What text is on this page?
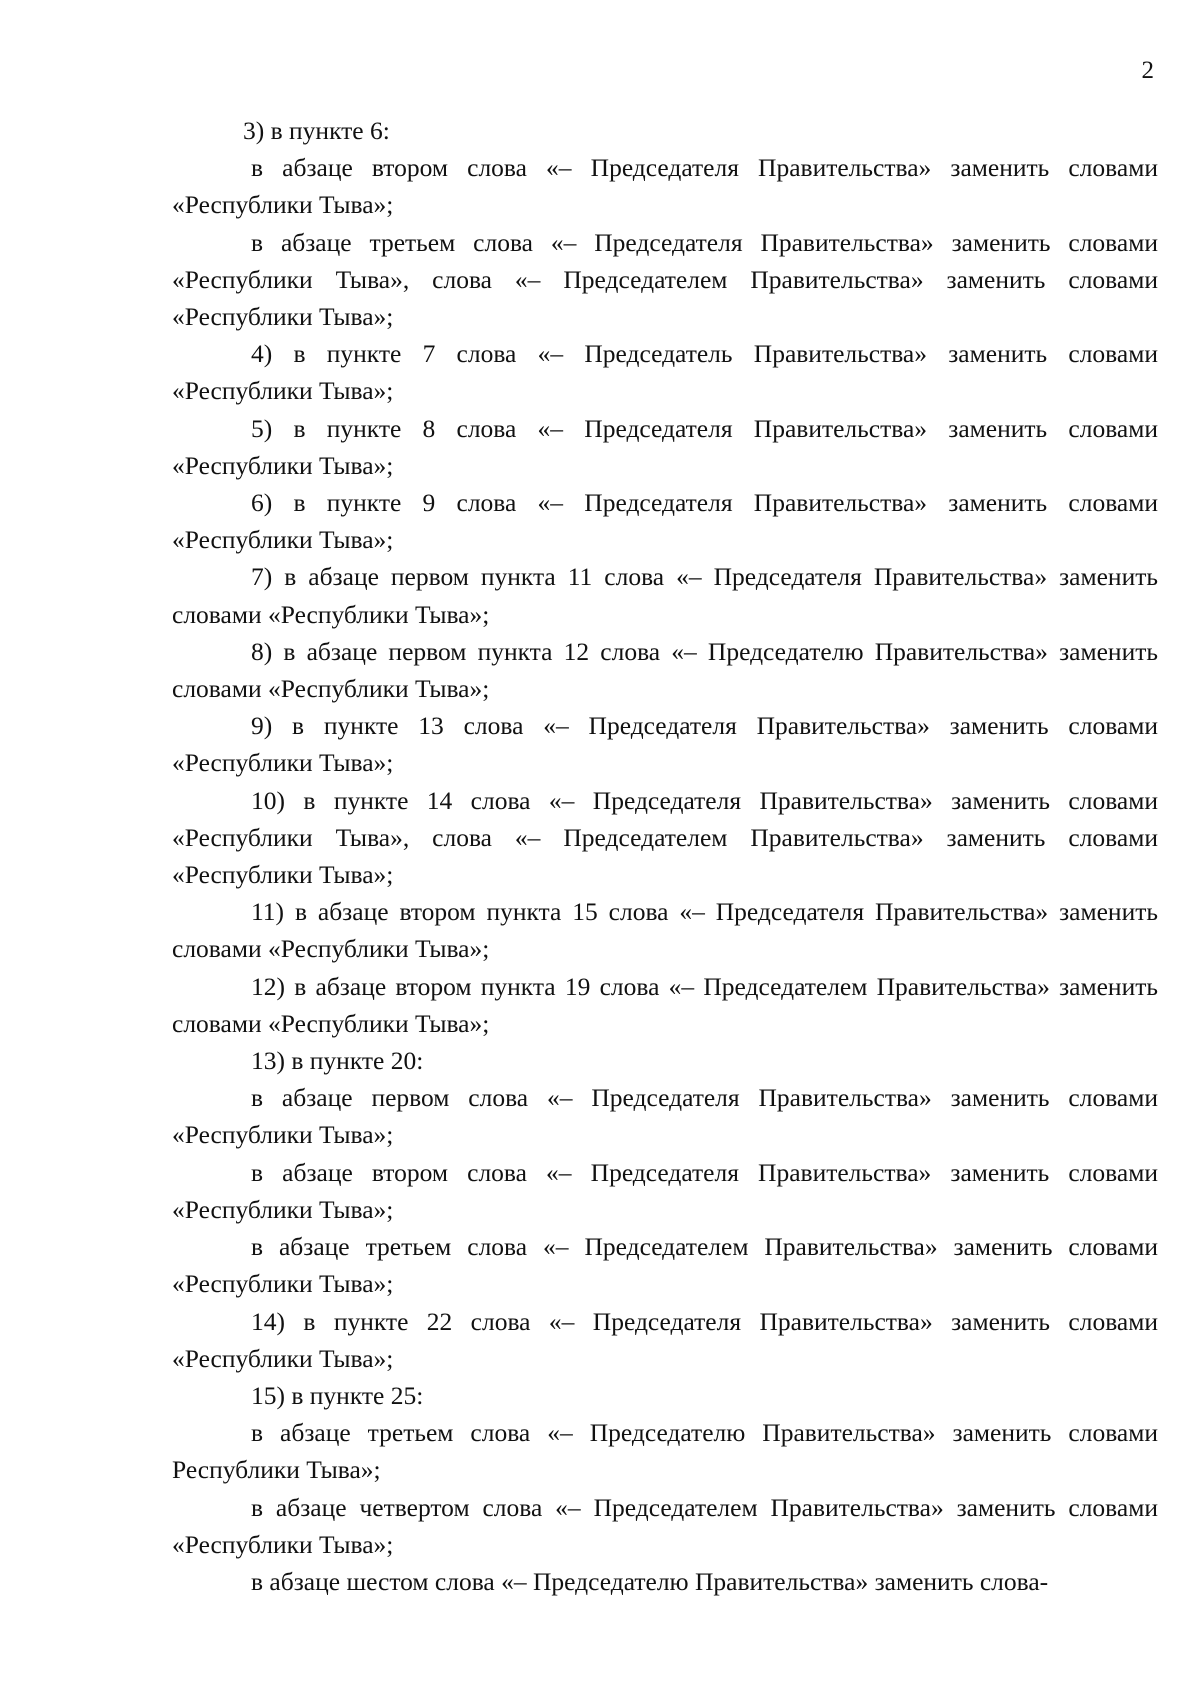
2

3) в пункте 6:

в абзаце втором слова «– Председателя Правительства» заменить словами «Республики Тыва»;

в абзаце третьем слова «– Председателя Правительства» заменить словами «Республики Тыва», слова «– Председателем Правительства» заменить словами «Республики Тыва»;

4) в пункте 7 слова «– Председатель Правительства» заменить словами «Республики Тыва»;

5) в пункте 8 слова «– Председателя Правительства» заменить словами «Республики Тыва»;

6) в пункте 9 слова «– Председателя Правительства» заменить словами «Республики Тыва»;

7) в абзаце первом пункта 11 слова «– Председателя Правительства» заменить словами «Республики Тыва»;

8) в абзаце первом пункта 12 слова «– Председателю Правительства» заменить словами «Республики Тыва»;

9) в пункте 13 слова «– Председателя Правительства» заменить словами «Республики Тыва»;

10) в пункте 14 слова «– Председателя Правительства» заменить словами «Республики Тыва», слова «– Председателем Правительства» заменить словами «Республики Тыва»;

11) в абзаце втором пункта 15 слова «– Председателя Правительства» заменить словами «Республики Тыва»;

12) в абзаце втором пункта 19 слова «– Председателем Правительства» заменить словами «Республики Тыва»;

13) в пункте 20:

в абзаце первом слова «– Председателя Правительства» заменить словами «Республики Тыва»;

в абзаце втором слова «– Председателя Правительства» заменить словами «Республики Тыва»;

в абзаце третьем слова «– Председателем Правительства» заменить словами «Республики Тыва»;

14) в пункте 22 слова «– Председателя Правительства» заменить словами «Республики Тыва»;

15) в пункте 25:

в абзаце третьем слова «– Председателю Правительства» заменить словами Республики Тыва»;

в абзаце четвертом слова «– Председателем Правительства» заменить словами «Республики Тыва»;

в абзаце шестом слова «– Председателю Правительства» заменить слова-
